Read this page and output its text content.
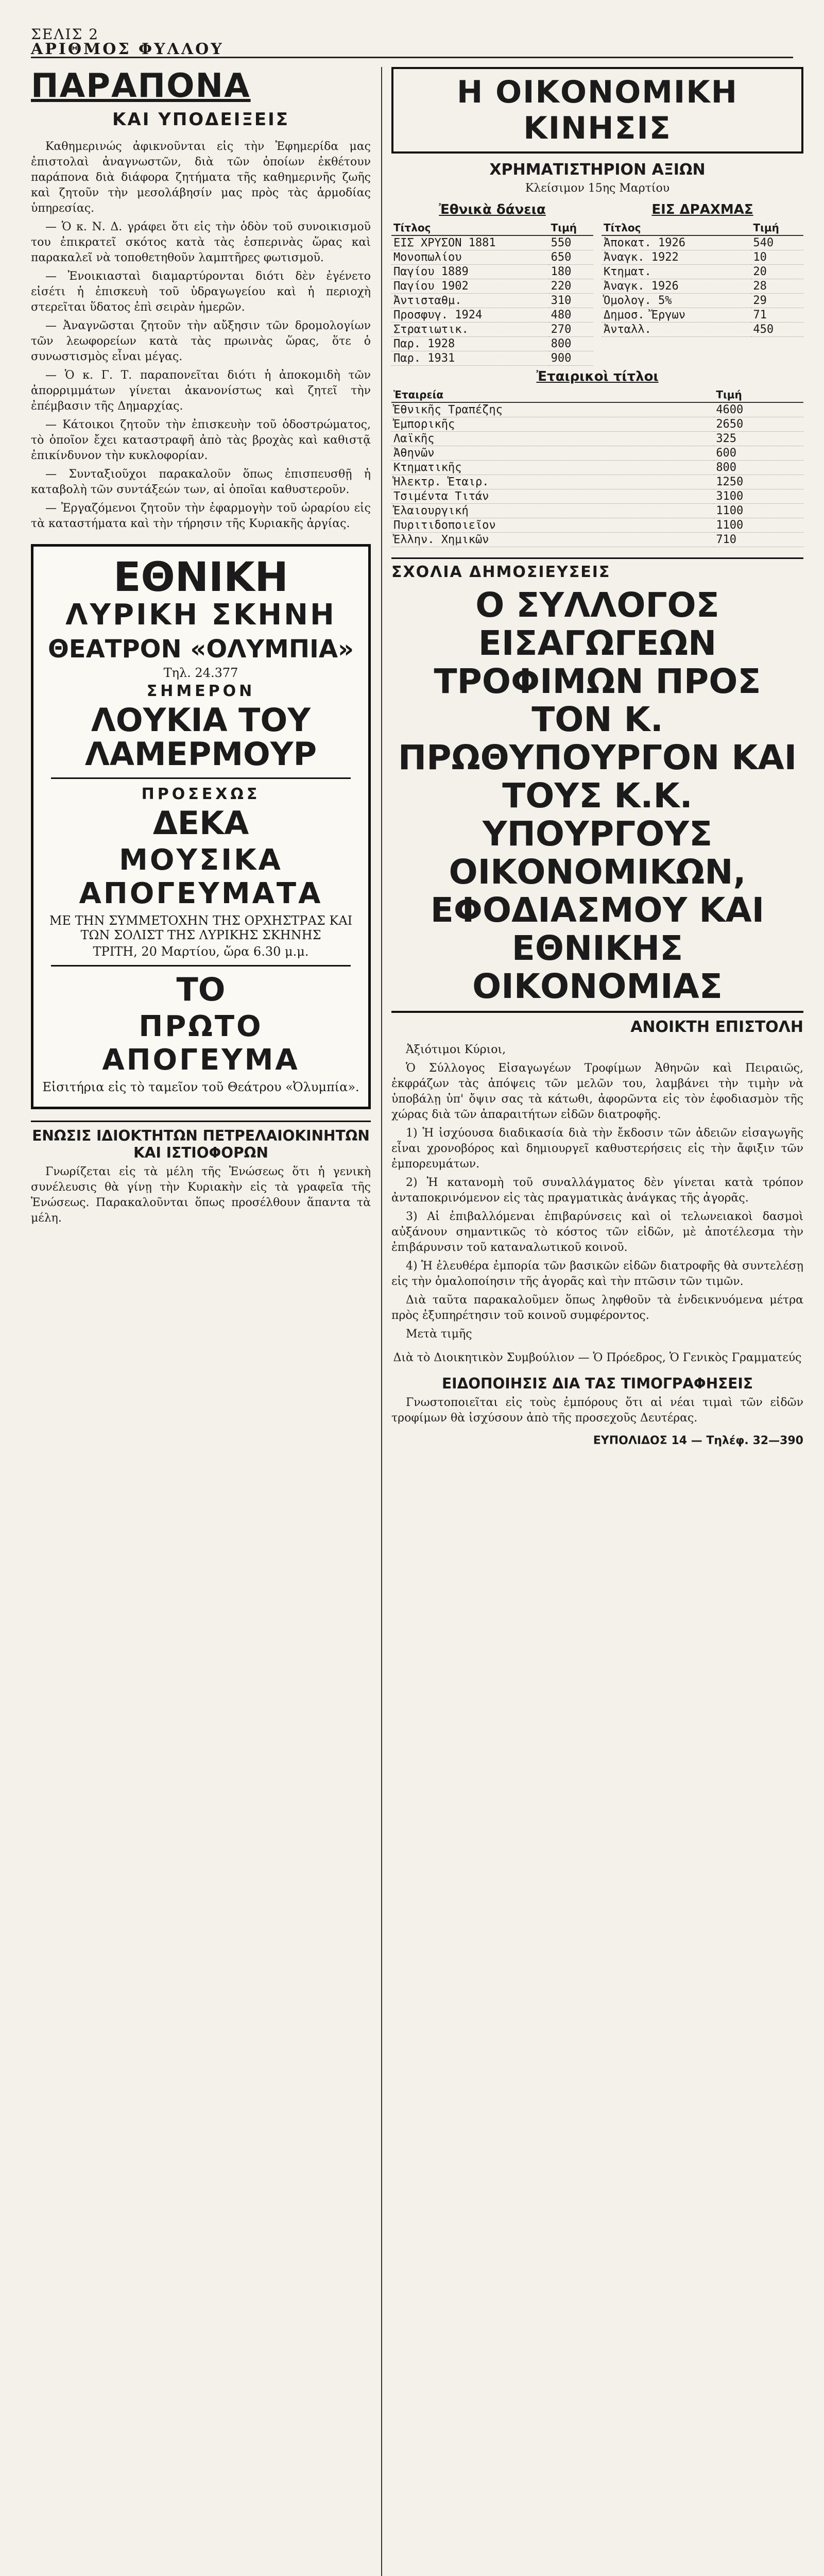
ΣΕΛΙΣ 2
ΑΡΙΘΜΟΣ ΦΥΛΛΟΥ
ΠΑΡΑΠΟΝΑ
ΚΑΙ ΥΠΟΔΕΙΞΕΙΣ

Καθημερινώς ἀφικνοῦνται εἰς τὴν Ἐφημερίδα μας ἐπιστολαὶ ἀναγνωστῶν, διὰ τῶν ὁποίων ἐκθέτουν παράπονα διὰ διάφορα ζητήματα τῆς καθημερινῆς ζωῆς καὶ ζητοῦν τὴν μεσολάβησίν μας πρὸς τὰς ἁρμοδίας ὑπηρεσίας.

— Ὁ κ. Ν. Δ. γράφει ὅτι εἰς τὴν ὁδὸν τοῦ συνοικισμοῦ του ἐπικρατεῖ σκότος κατὰ τὰς ἑσπερινὰς ὥρας καὶ παρακαλεῖ νὰ τοποθετηθοῦν λαμπτῆρες φωτισμοῦ.

— Ἐνοικιασταὶ διαμαρτύρονται διότι δὲν ἐγένετο εἰσέτι ἡ ἐπισκευὴ τοῦ ὑδραγωγείου καὶ ἡ περιοχὴ στερεῖται ὕδατος ἐπὶ σειρὰν ἡμερῶν.

— Ἀναγνῶσται ζητοῦν τὴν αὔξησιν τῶν δρομολογίων τῶν λεωφορείων κατὰ τὰς πρωινὰς ὥρας, ὅτε ὁ συνωστισμὸς εἶναι μέγας.

— Ὁ κ. Γ. Τ. παραπονεῖται διότι ἡ ἀποκομιδὴ τῶν ἀπορριμμάτων γίνεται ἀκανονίστως καὶ ζητεῖ τὴν ἐπέμβασιν τῆς Δημαρχίας.

— Κάτοικοι ζητοῦν τὴν ἐπισκευὴν τοῦ ὁδοστρώματος, τὸ ὁποῖον ἔχει καταστραφῆ ἀπὸ τὰς βροχὰς καὶ καθιστᾷ ἐπικίνδυνον τὴν κυκλοφορίαν.

— Συνταξιοῦχοι παρακαλοῦν ὅπως ἐπισπευσθῇ ἡ καταβολὴ τῶν συντάξεών των, αἱ ὁποῖαι καθυστεροῦν.

— Ἐργαζόμενοι ζητοῦν τὴν ἐφαρμογὴν τοῦ ὡραρίου εἰς τὰ καταστήματα καὶ τὴν τήρησιν τῆς Κυριακῆς ἀργίας.

ΕΘΝΙΚΗ
ΛΥΡΙΚΗ ΣΚΗΝΗ
ΘΕΑΤΡΟΝ «ΟΛΥΜΠΙΑ»
Τηλ. 24.377
ΣΗΜΕΡΟΝ
ΛΟΥΚΙΑ ΤΟΥ ΛΑΜΕΡΜΟΥΡ
ΠΡΟΣΕΧΩΣ
ΔΕΚΑ
ΜΟΥΣΙΚΑ ΑΠΟΓΕΥΜΑΤΑ
ΜΕ ΤΗΝ ΣΥΜΜΕΤΟΧΗΝ ΤΗΣ ΟΡΧΗΣΤΡΑΣ ΚΑΙ ΤΩΝ ΣΟΛΙΣΤ ΤΗΣ ΛΥΡΙΚΗΣ ΣΚΗΝΗΣ
ΤΡΙΤΗ, 20 Μαρτίου, ὥρα 6.30 μ.μ.
ΤΟ
ΠΡΩΤΟ ΑΠΟΓΕΥΜΑ
Εἰσιτήρια εἰς τὸ ταμεῖον τοῦ Θεάτρου «Ὀλυμπία».
ΕΝΩΣΙΣ ΙΔΙΟΚΤΗΤΩΝ ΠΕΤΡΕΛΑΙΟΚΙΝΗΤΩΝ ΚΑΙ ΙΣΤΙΟΦΟΡΩΝ

Γνωρίζεται εἰς τὰ μέλη τῆς Ἑνώσεως ὅτι ἡ γενικὴ συνέλευσις θὰ γίνῃ τὴν Κυριακὴν εἰς τὰ γραφεῖα τῆς Ἑνώσεως. Παρακαλοῦνται ὅπως προσέλθουν ἅπαντα τὰ μέλη.

Η ΟΙΚΟΝΟΜΙΚΗ ΚΙΝΗΣΙΣ
ΧΡΗΜΑΤΙΣΤΗΡΙΟΝ ΑΞΙΩΝ
Κλείσιμον 15ης Μαρτίου
Ἐθνικὰ δάνεια
Τίτλος	Τιμή
ΕΙΣ ΧΡΥΣΟΝ 1881	550
Μονοπωλίου	650
Παγίου 1889	180
Παγίου 1902	220
Ἀντισταθμ.	310
Προσφυγ. 1924	480
Στρατιωτικ.	270
Παρ. 1928	800
Παρ. 1931	900
ΕΙΣ ΔΡΑΧΜΑΣ
Τίτλος	Τιμή
Ἀποκατ. 1926	540
Ἀναγκ. 1922	10
Κτηματ.	20
Ἀναγκ. 1926	28
Ὁμολογ. 5%	29
Δημοσ. Ἔργων	71
Ἀνταλλ.	450
Ἐταιρικοὶ τίτλοι
Ἑταιρεία	Τιμή
Ἐθνικῆς Τραπέζης	4600
Ἐμπορικῆς	2650
Λαϊκῆς	325
Ἀθηνῶν	600
Κτηματικῆς	800
Ἡλεκτρ. Ἑταιρ.	1250
Τσιμέντα Τιτάν	3100
Ἐλαιουργική	1100
Πυριτιδοποιεῖον	1100
Ἐλλην. Χημικῶν	710
ΣΧΟΛΙΑ ΔΗΜΟΣΙΕΥΣΕΙΣ
Ο ΣΥΛΛΟΓΟΣ ΕΙΣΑΓΩΓΕΩΝ ΤΡΟΦΙΜΩΝ ΠΡΟΣ ΤΟΝ Κ. ΠΡΩΘΥΠΟΥΡΓΟΝ ΚΑΙ ΤΟΥΣ Κ.Κ. ΥΠΟΥΡΓΟΥΣ ΟΙΚΟΝΟΜΙΚΩΝ, ΕΦΟΔΙΑΣΜΟΥ ΚΑΙ ΕΘΝΙΚΗΣ ΟΙΚΟΝΟΜΙΑΣ
ΑΝΟΙΚΤΗ ΕΠΙΣΤΟΛΗ

Ἀξιότιμοι Κύριοι,

Ὁ Σύλλογος Εἰσαγωγέων Τροφίμων Ἀθηνῶν καὶ Πειραιῶς, ἐκφράζων τὰς ἀπόψεις τῶν μελῶν του, λαμβάνει τὴν τιμὴν νὰ ὑποβάλῃ ὑπ' ὄψιν σας τὰ κάτωθι, ἀφορῶντα εἰς τὸν ἐφοδιασμὸν τῆς χώρας διὰ τῶν ἀπαραιτήτων εἰδῶν διατροφῆς.

1) Ἡ ἰσχύουσα διαδικασία διὰ τὴν ἔκδοσιν τῶν ἀδειῶν εἰσαγωγῆς εἶναι χρονοβόρος καὶ δημιουργεῖ καθυστερήσεις εἰς τὴν ἄφιξιν τῶν ἐμπορευμάτων.

2) Ἡ κατανομὴ τοῦ συναλλάγματος δὲν γίνεται κατὰ τρόπον ἀνταποκρινόμενον εἰς τὰς πραγματικὰς ἀνάγκας τῆς ἀγορᾶς.

3) Αἱ ἐπιβαλλόμεναι ἐπιβαρύνσεις καὶ οἱ τελωνειακοὶ δασμοὶ αὐξάνουν σημαντικῶς τὸ κόστος τῶν εἰδῶν, μὲ ἀποτέλεσμα τὴν ἐπιβάρυνσιν τοῦ καταναλωτικοῦ κοινοῦ.

4) Ἡ ἐλευθέρα ἐμπορία τῶν βασικῶν εἰδῶν διατροφῆς θὰ συντελέσῃ εἰς τὴν ὁμαλοποίησιν τῆς ἀγορᾶς καὶ τὴν πτῶσιν τῶν τιμῶν.

Διὰ ταῦτα παρακαλοῦμεν ὅπως ληφθοῦν τὰ ἐνδεικνυόμενα μέτρα πρὸς ἐξυπηρέτησιν τοῦ κοινοῦ συμφέροντος.

Μετὰ τιμῆς

Διὰ τὸ Διοικητικὸν Συμβούλιον — Ὁ Πρόεδρος, Ὁ Γενικὸς Γραμματεύς
ΕΙΔΟΠΟΙΗΣΙΣ ΔΙΑ ΤΑΣ ΤΙΜΟΓΡΑΦΗΣΕΙΣ

Γνωστοποιεῖται εἰς τοὺς ἐμπόρους ὅτι αἱ νέαι τιμαὶ τῶν εἰδῶν τροφίμων θὰ ἰσχύσουν ἀπὸ τῆς προσεχοῦς Δευτέρας.

ΕΥΠΟΛΙΔΟΣ 14 — Τηλέφ. 32—390
